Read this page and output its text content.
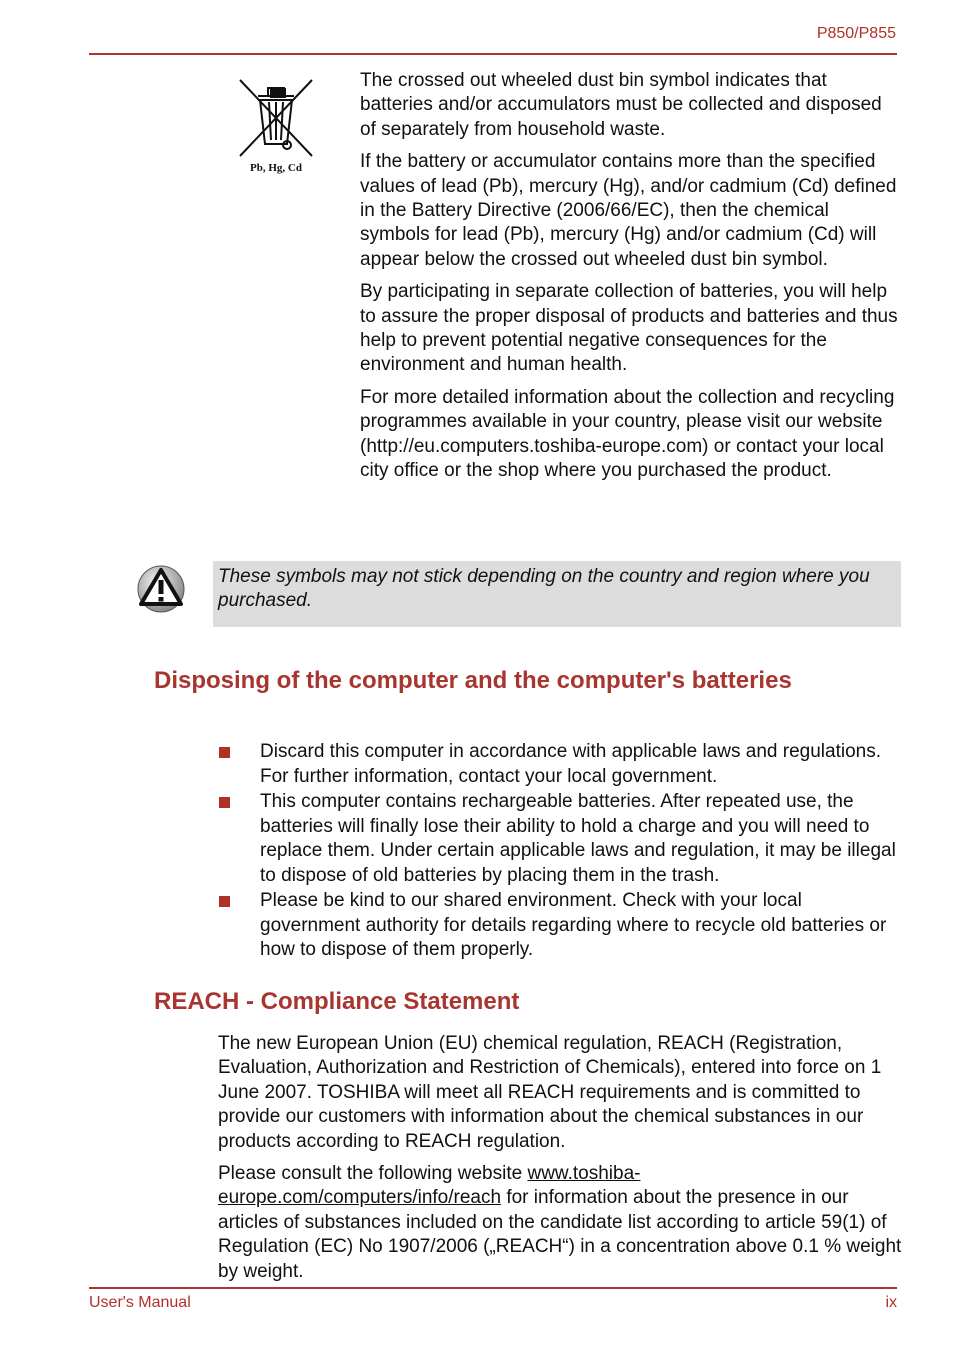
P850/P855
Pb, Hg, Cd

The crossed out wheeled dust bin symbol indicates that batteries and/or accumulators must be collected and disposed of separately from household waste.

If the battery or accumulator contains more than the specified values of lead (Pb), mercury (Hg), and/or cadmium (Cd) defined in the Battery Directive (2006/66/EC), then the chemical symbols for lead (Pb), mercury (Hg) and/or cadmium (Cd) will appear below the crossed out wheeled dust bin symbol.

By participating in separate collection of batteries, you will help to assure the proper disposal of products and batteries and thus help to prevent potential negative consequences for the environment and human health.

For more detailed information about the collection and recycling programmes available in your country, please visit our website (http://eu.computers.toshiba-europe.com) or contact your local city office or the shop where you purchased the product.

These symbols may not stick depending on the country and region where you purchased.
Disposing of the computer and the computer's batteries
Discard this computer in accordance with applicable laws and regulations. For further information, contact your local government.
This computer contains rechargeable batteries. After repeated use, the batteries will finally lose their ability to hold a charge and you will need to replace them. Under certain applicable laws and regulation, it may be illegal to dispose of old batteries by placing them in the trash.
Please be kind to our shared environment. Check with your local government authority for details regarding where to recycle old batteries or how to dispose of them properly.
REACH - Compliance Statement

The new European Union (EU) chemical regulation, REACH (Registration, Evaluation, Authorization and Restriction of Chemicals), entered into force on 1 June 2007. TOSHIBA will meet all REACH requirements and is committed to provide our customers with information about the chemical substances in our products according to REACH regulation.

Please consult the following website www.toshiba-europe.com/computers/info/reach for information about the presence in our articles of substances included on the candidate list according to article 59(1) of Regulation (EC) No 1907/2006 („REACH“) in a concentration above 0.1 % weight by weight.

User's Manual	ix
